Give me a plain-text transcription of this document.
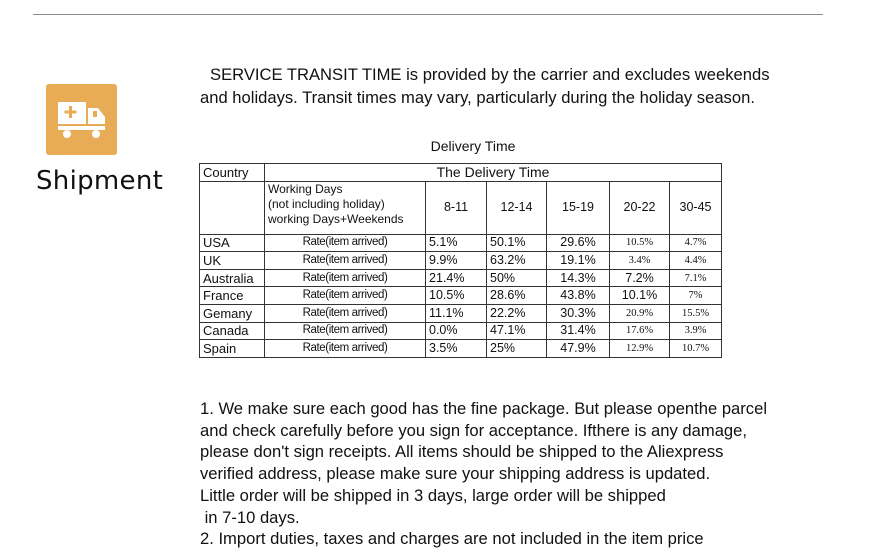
Shipment
SERVICE TRANSIT TIME is provided by the carrier and excludes weekends
and holidays. Transit times may vary, particularly during the holiday season.
Delivery Time
Country	The Delivery Time					

	Working Days
(not including holiday)
working Days+Weekends	8-11	12-14	15-19	20-22	30-45
USA	Rate(item arrived)	5.1%	50.1%	29.6%	10.5%	4.7%
UK	Rate(item arrived)	9.9%	63.2%	19.1%	3.4%	4.4%
Australia	Rate(item arrived)	21.4%	50%	14.3%	7.2%	7.1%
France	Rate(item arrived)	10.5%	28.6%	43.8%	10.1%	7%
Gemany	Rate(item arrived)	11.1%	22.2%	30.3%	20.9%	15.5%
Canada	Rate(item arrived)	0.0%	47.1%	31.4%	17.6%	3.9%
Spain	Rate(item arrived)	3.5%	25%	47.9%	12.9%	10.7%
1. We make sure each good has the fine package. But please openthe parcel
and check carefully before you sign for acceptance. Ifthere is any damage,
please don't sign receipts. All items should be shipped to the Aliexpress
verified address, please make sure your shipping address is updated.
Little order will be shipped in 3 days, large order will be shipped
in 7-10 days.
2. Import duties, taxes and charges are not included in the item price
